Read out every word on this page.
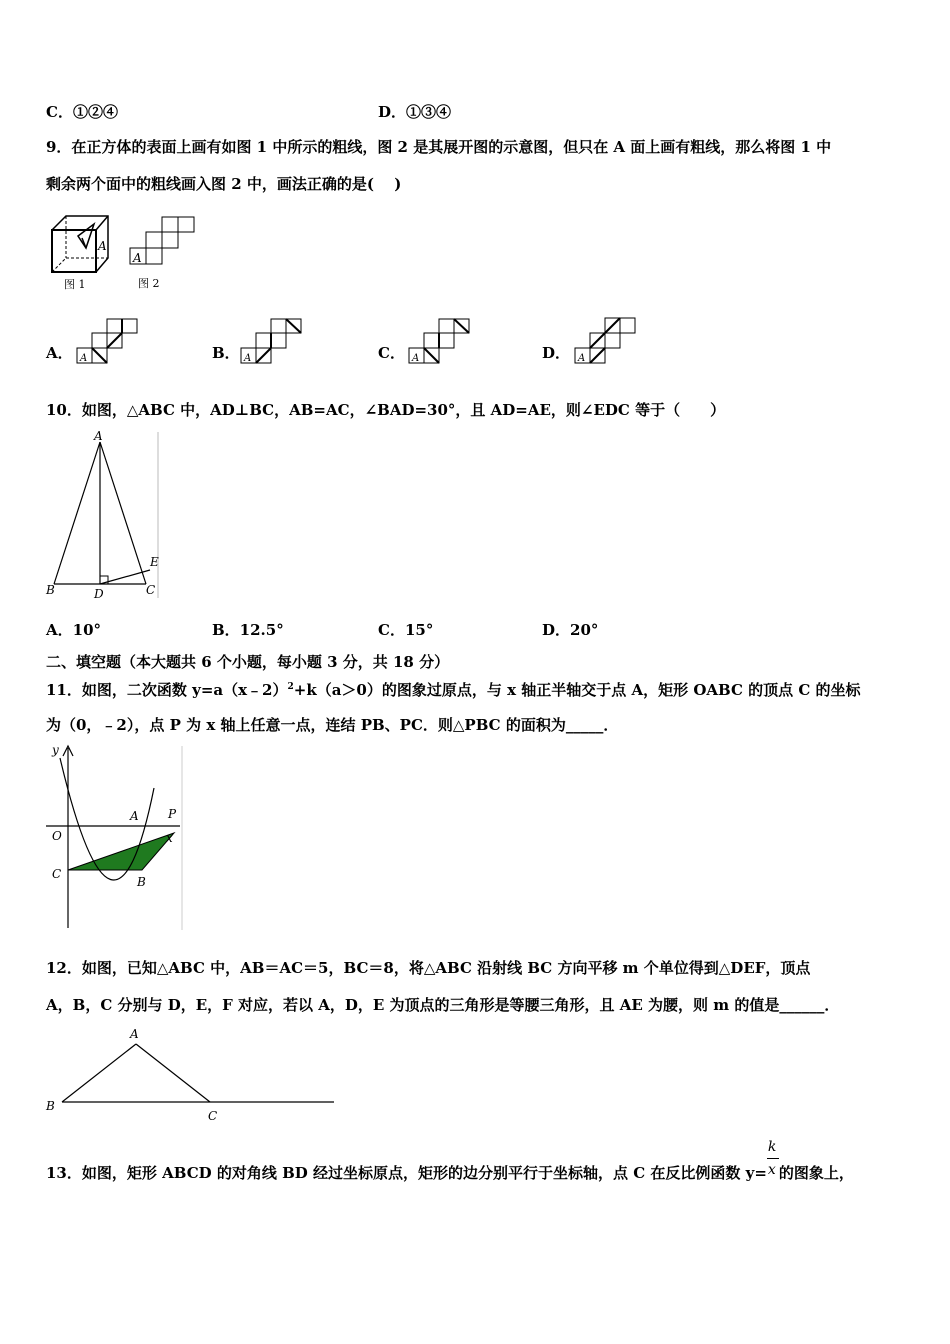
C．①②④	D．①③④
9．在正方体的表面上画有如图 1 中所示的粗线，图 2 是其展开图的示意图，但只在 A 面上画有粗线，那么将图 1 中
剩余两个面中的粗线画入图 2 中，画法正确的是(　 )
A
图 1
A
图 2
A． A	B． A	C． A	D． A
10．如图，△ABC 中，AD⊥BC，AB=AC，∠BAD=30°，且 AD=AE，则∠EDC 等于（　　）
A
B	D	C
E
A．10°	B．12.5°	C．15°	D．20°
二、填空题（本大题共 6 个小题，每小题 3 分，共 18 分）
11．如图，二次函数 y=a（x﹣2）$^2$+k（a＞0）的图象过原点，与 x 轴正半轴交于点 A，矩形 OABC 的顶点 C 的坐标
为（0，﹣2），点 P 为 x 轴上任意一点，连结 PB、PC．则△PBC 的面积为_____．
y
O
A P
x
C
B
12．如图，已知△ABC 中，AB＝AC＝5，BC＝8，将△ABC 沿射线 BC 方向平移 m 个单位得到△DEF，顶点
A，B，C 分别与 D，E，F 对应，若以 A，D，E 为顶点的三角形是等腰三角形，且 AE 为腰，则 m 的值是______．
A
B
C
13．如图，矩形 ABCD 的对角线 BD 经过坐标原点，矩形的边分别平行于坐标轴，点 C 在反比例函数 $y= \frac{k}{x}$ 的图象上，
